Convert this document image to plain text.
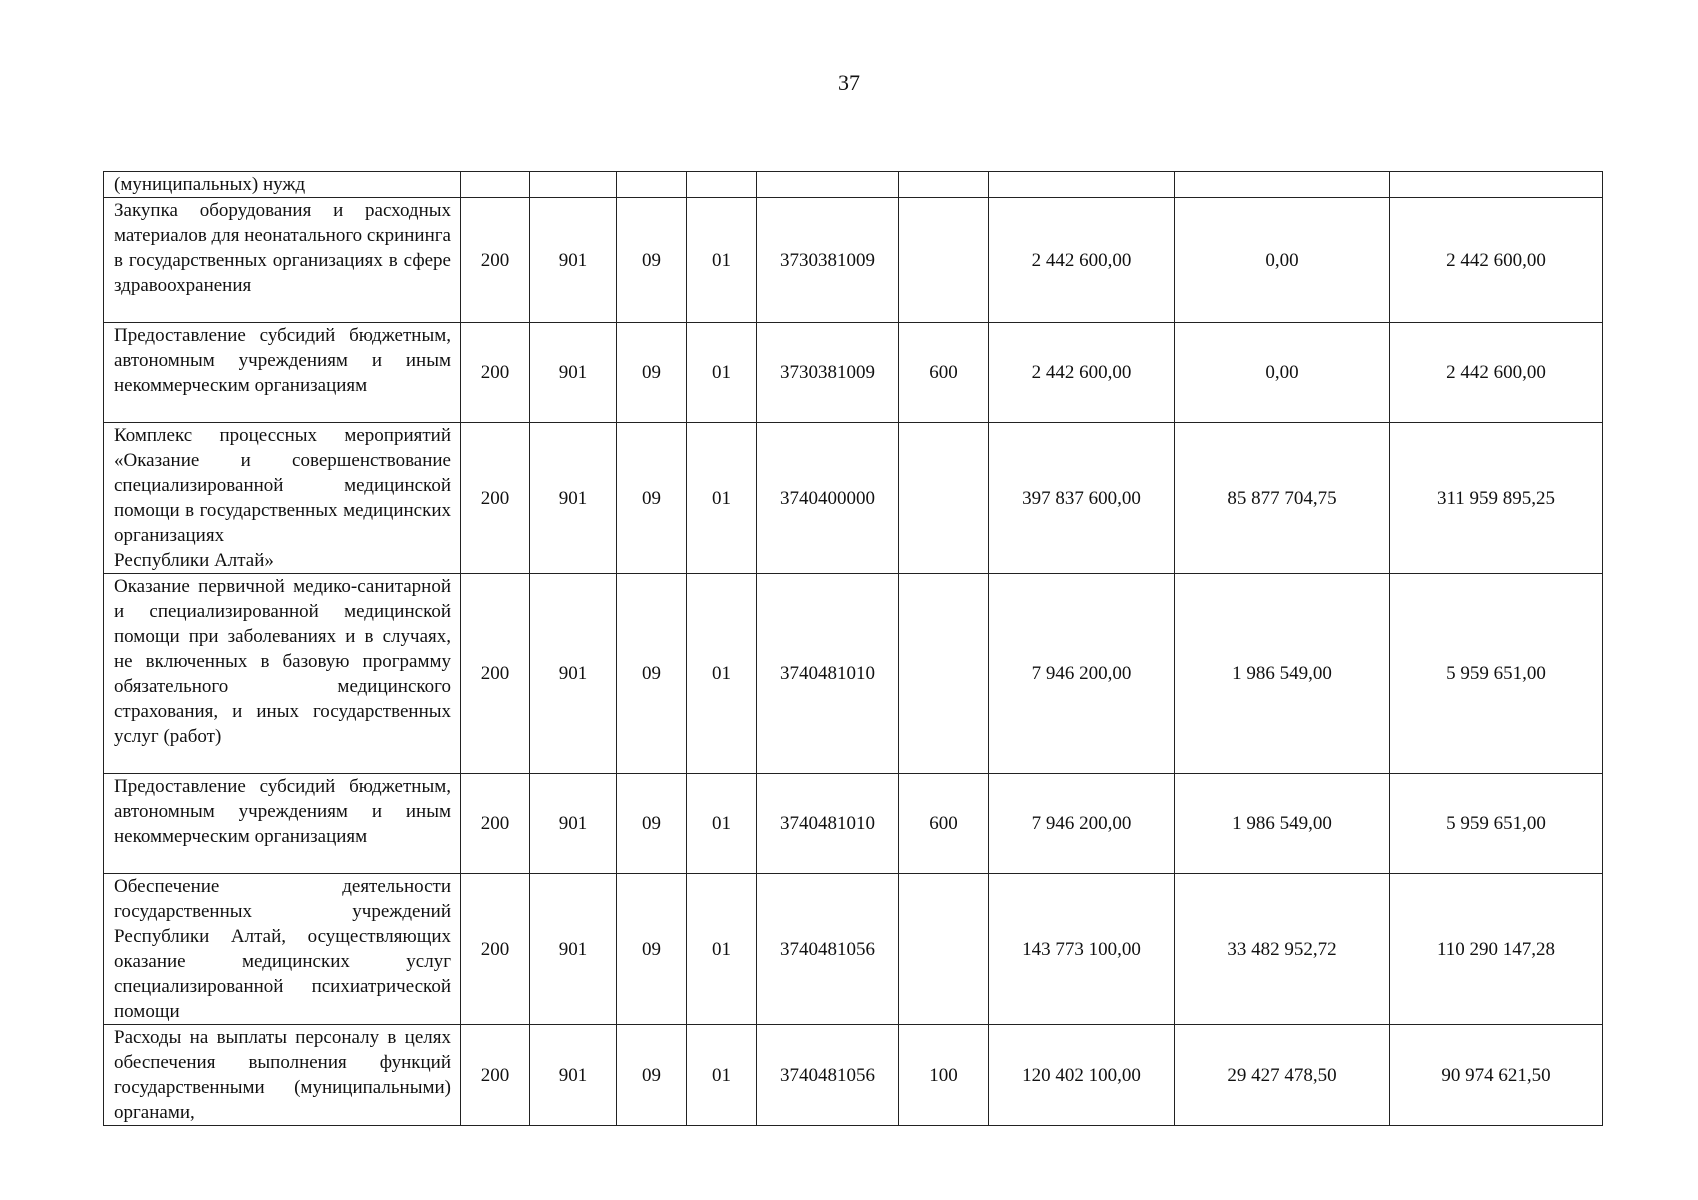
37
(муниципальных) нужд									

Закупка оборудования и расходных материалов для неонатального скрининга в государственных организациях в сфере
здравоохранения	200	901	09	01	3730381009		2 442 600,00	0,00	2 442 600,00

Предоставление субсидий бюджетным, автономным учреждениям и иным
некоммерческим организациям	200	901	09	01	3730381009	600	2 442 600,00	0,00	2 442 600,00

Комплекс процессных мероприятий «Оказание и совершенствование специализированной медицинской помощи в государственных медицинских организациях
Республики Алтай»	200	901	09	01	3740400000		397 837 600,00	85 877 704,75	311 959 895,25

Оказание первичной медико-санитарной и специализированной медицинской помощи при заболеваниях и в случаях, не включенных в базовую программу обязательного медицинского страхования, и иных государственных
услуг (работ)	200	901	09	01	3740481010		7 946 200,00	1 986 549,00	5 959 651,00

Предоставление субсидий бюджетным, автономным учреждениям и иным
некоммерческим организациям	200	901	09	01	3740481010	600	7 946 200,00	1 986 549,00	5 959 651,00

Обеспечение деятельности государственных учреждений Республики Алтай, осуществляющих оказание медицинских услуг специализированной психиатрической
помощи	200	901	09	01	3740481056		143 773 100,00	33 482 952,72	110 290 147,28

Расходы на выплаты персоналу в целях обеспечения выполнения функций государственными (муниципальными) органами,	200	901	09	01	3740481056	100	120 402 100,00	29 427 478,50	90 974 621,50
